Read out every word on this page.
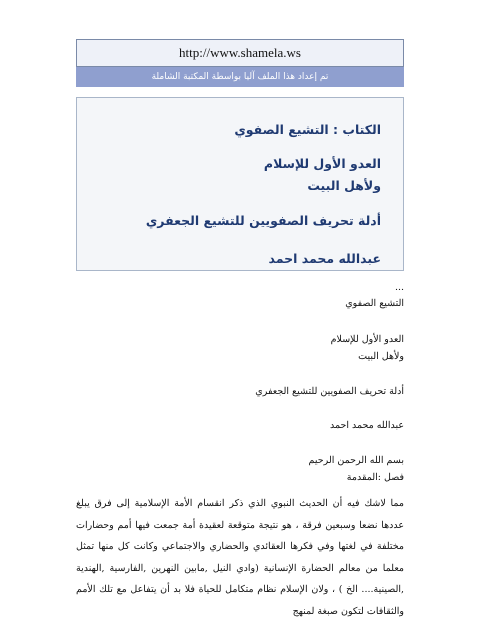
http://www.shamela.ws
تم إعداد هذا الملف آليا بواسطة المكتبة الشاملة
الكتاب : التشيع الصفوي
العدو الأول للإسلام
ولأهل البيت
أدلة تحريف الصفويين للتشيع الجعفري
عبدالله محمد احمد
...
التشيع الصفوي
العدو الأول للإسلام
ولأهل البيت
أدلة تحريف الصفويين للتشيع الجعفري
عبدالله محمد احمد
بسم الله الرحمن الرحيم
فصل :المقدمة
مما لاشك فيه أن الحديث النبوي الذي ذكر انقسام الأمة الإسلامية إلى فرق يبلغ عددها نضعا وسبعين فرقة ، هو نتيجة متوقعة لعقيدة أمة جمعت فيها أمم وحضارات مختلفة في لغتها وفي فكرها العقائدي والحضاري والاجتماعي وكانت كل منها تمثل معلما من معالم الحضارة الإنسانية (وادي النيل ,مابين النهرين ,الفارسية ,الهندية ,الصينية.... الخ ) ، ولان الإسلام نظام متكامل للحياة فلا بد أن يتفاعل مع تلك الأمم والثقافات لتكون صبغة لمنهج
